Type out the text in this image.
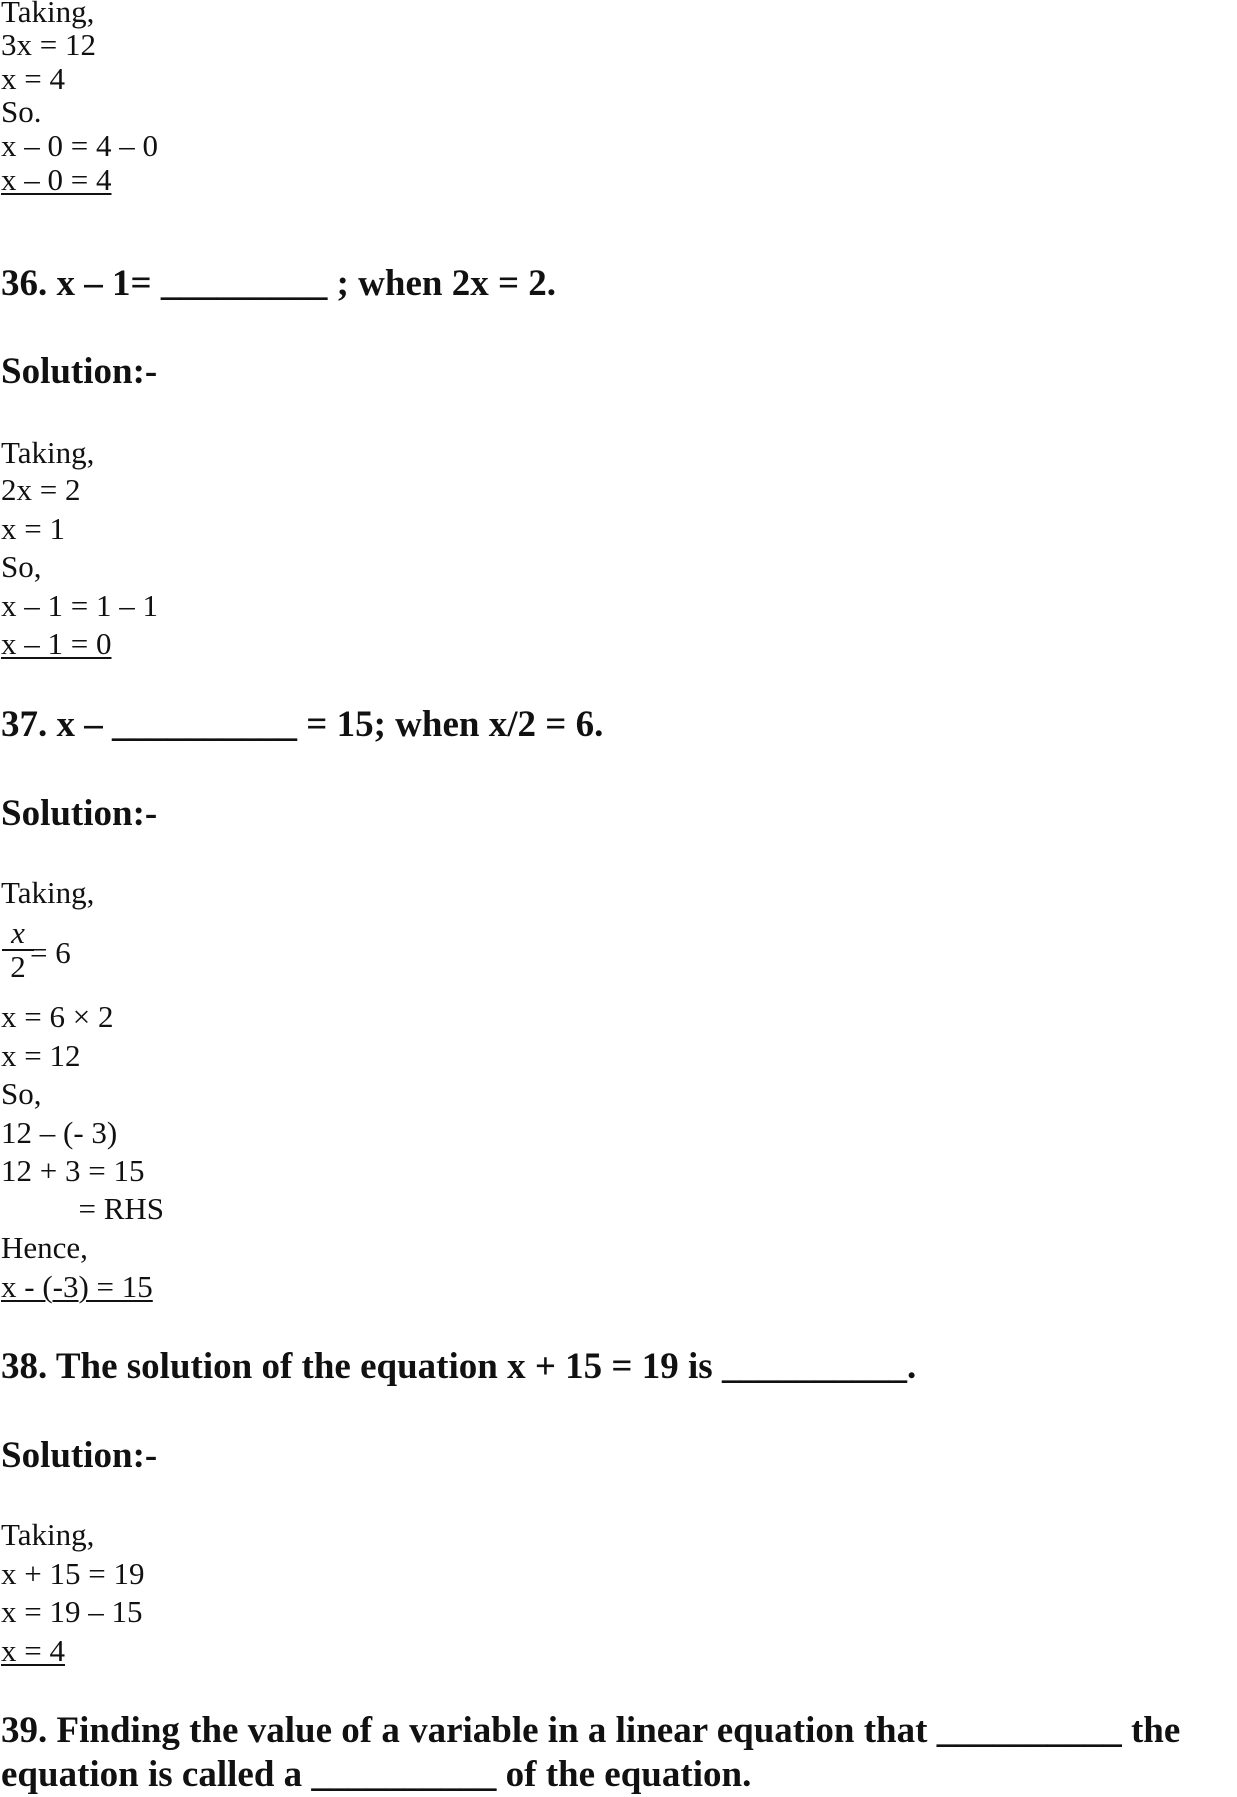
Taking,

3x = 12

x = 4

So.

x – 0 = 4 – 0

x – 0 = 4

36. x – 1= _________ ; when 2x = 2.

Solution:-

Taking,

2x = 2

x = 1

So,

x – 1 = 1 – 1

x – 1 = 0

37. x – __________ = 15; when x/2 = 6.

Solution:-

Taking,

$\frac{x}{2}$

= 6

x = 6 × 2

x = 12

So,

12 – (- 3)

12 + 3 = 15

= RHS

Hence,

x - (-3) = 15

38. The solution of the equation x + 15 = 19 is __________.

Solution:-

Taking,

x + 15 = 19

x = 19 – 15

x = 4

39. Finding the value of a variable in a linear equation that __________ the

equation is called a __________ of the equation.
